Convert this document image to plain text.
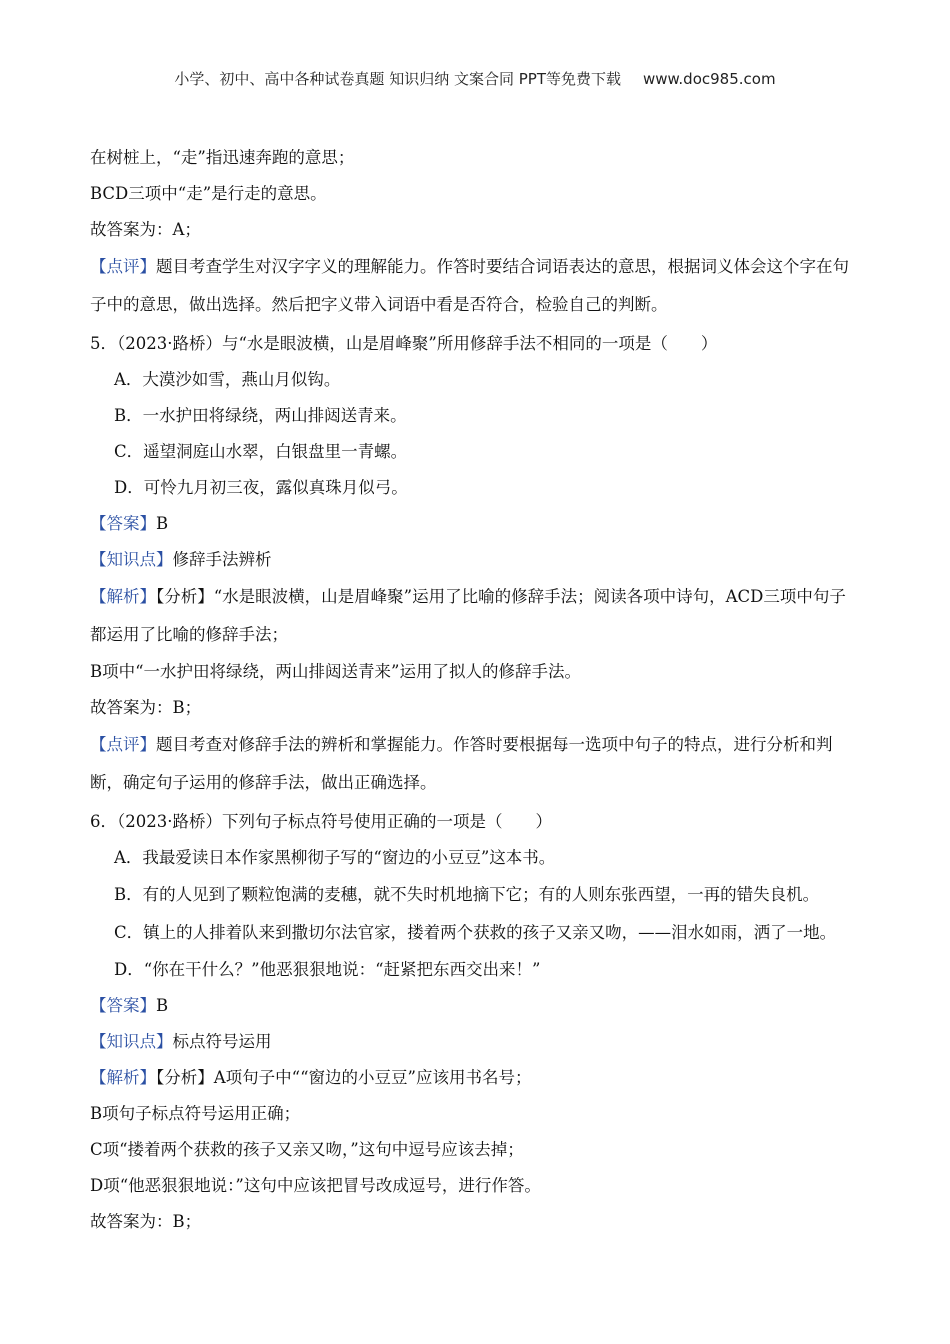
小学、初中、高中各种试卷真题 知识归纳 文案合同 PPT等免费下载 www.doc985.com
在树桩上，“走”指迅速奔跑的意思；
BCD三项中“走”是行走的意思。
故答案为：A；
【点评】题目考查学生对汉字字义的理解能力。作答时要结合词语表达的意思，根据词义体会这个字在句子中的意思，做出选择。然后把字义带入词语中看是否符合，检验自己的判断。
5．（2023·路桥）与“水是眼波横，山是眉峰聚”所用修辞手法不相同的一项是（　　）
A．大漠沙如雪，燕山月似钩。
B．一水护田将绿绕，两山排闼送青来。
C．遥望洞庭山水翠，白银盘里一青螺。
D．可怜九月初三夜，露似真珠月似弓。
【答案】B
【知识点】修辞手法辨析
【解析】【分析】“水是眼波横，山是眉峰聚”运用了比喻的修辞手法；阅读各项中诗句，ACD三项中句子都运用了比喻的修辞手法；
B项中“一水护田将绿绕，两山排闼送青来”运用了拟人的修辞手法。
故答案为：B；
【点评】题目考查对修辞手法的辨析和掌握能力。作答时要根据每一选项中句子的特点，进行分析和判断，确定句子运用的修辞手法，做出正确选择。
6．（2023·路桥）下列句子标点符号使用正确的一项是（　　）
A．我最爱读日本作家黑柳彻子写的“窗边的小豆豆”这本书。
B．有的人见到了颗粒饱满的麦穗，就不失时机地摘下它；有的人则东张西望，一再的错失良机。
C．镇上的人排着队来到撒切尔法官家，搂着两个获救的孩子又亲又吻，——泪水如雨，洒了一地。
D．“你在干什么？”他恶狠狠地说：“赶紧把东西交出来！”
【答案】B
【知识点】标点符号运用
【解析】【分析】A项句子中““窗边的小豆豆”应该用书名号；
B项句子标点符号运用正确；
C项“搂着两个获救的孩子又亲又吻，”这句中逗号应该去掉；
D项“他恶狠狠地说：”这句中应该把冒号改成逗号，进行作答。
故答案为：B；
